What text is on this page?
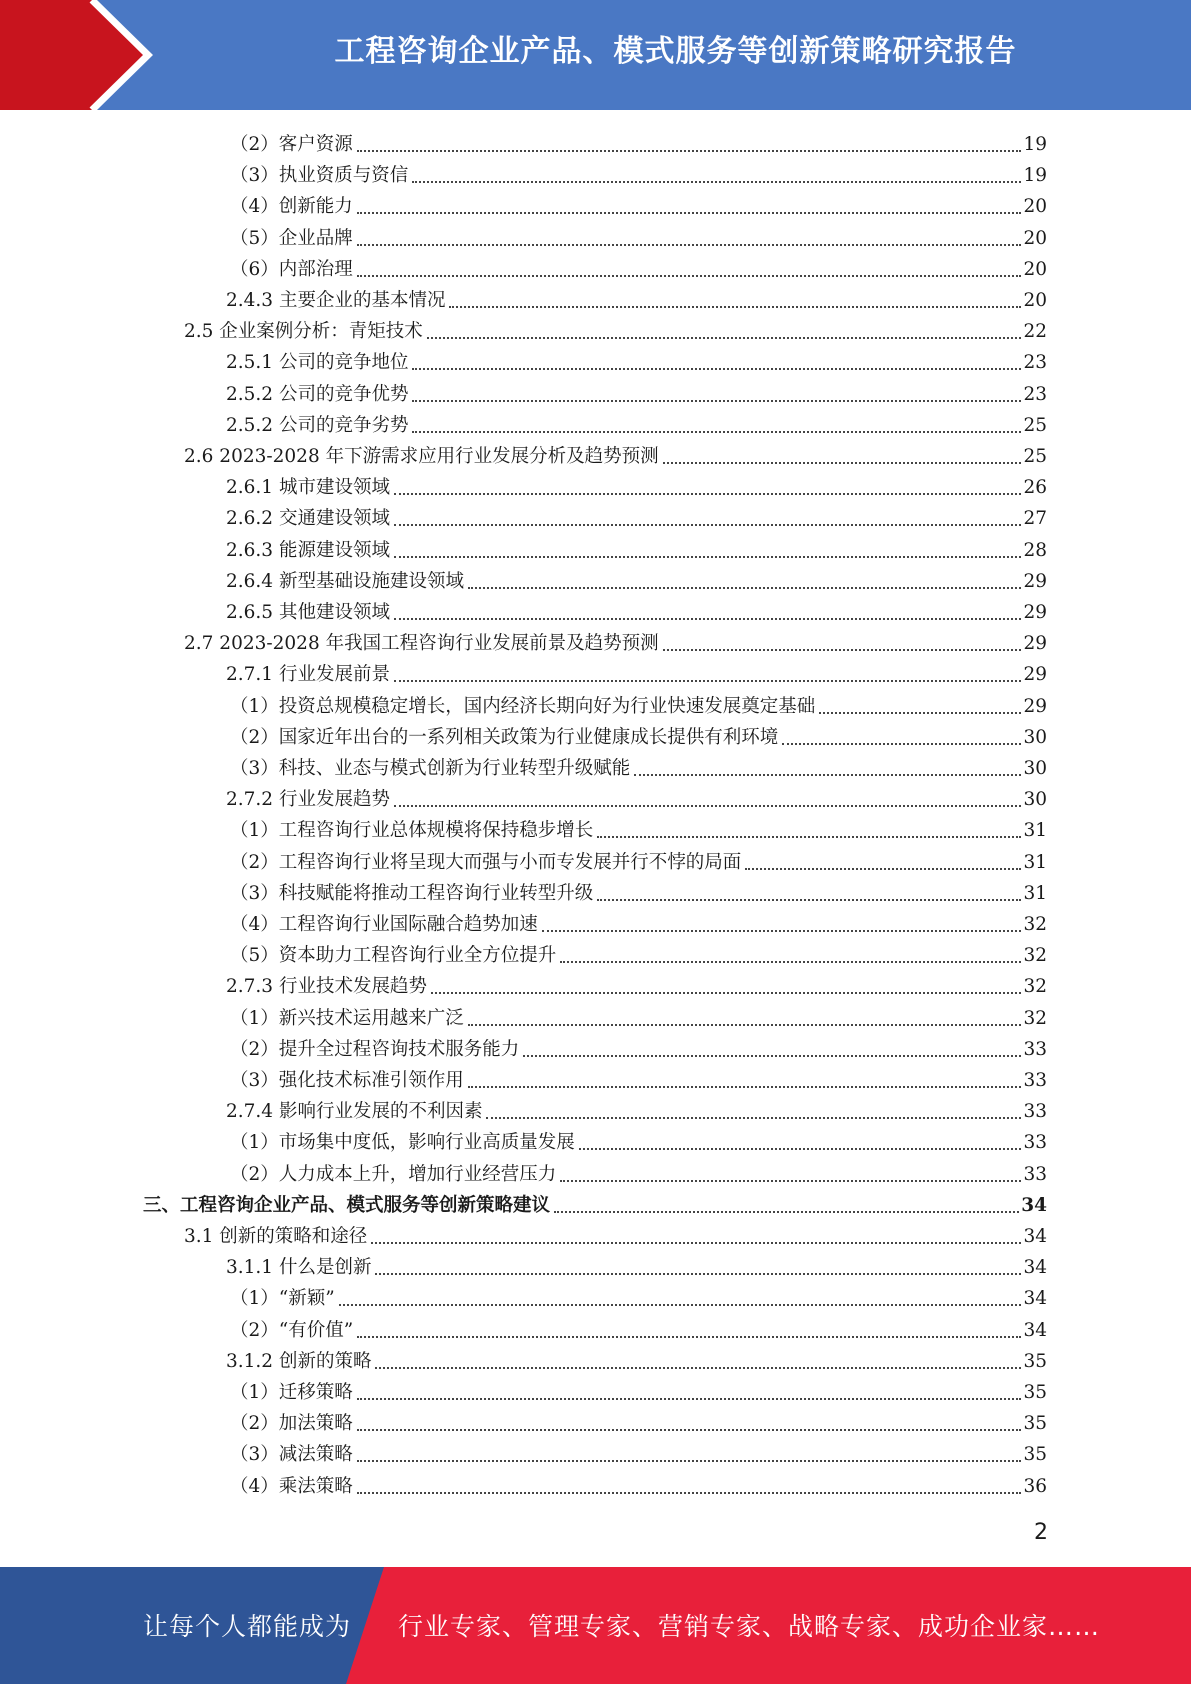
工程咨询企业产品、模式服务等创新策略研究报告
（2）客户资源	19
（3）执业资质与资信	19
（4）创新能力	20
（5）企业品牌	20
（6）内部治理	20
2.4.3 主要企业的基本情况	20
2.5 企业案例分析：青矩技术	22
2.5.1 公司的竞争地位	23
2.5.2 公司的竞争优势	23
2.5.2 公司的竞争劣势	25
2.6 2023-2028 年下游需求应用行业发展分析及趋势预测	25
2.6.1 城市建设领域	26
2.6.2 交通建设领域	27
2.6.3 能源建设领域	28
2.6.4 新型基础设施建设领域	29
2.6.5 其他建设领域	29
2.7 2023-2028 年我国工程咨询行业发展前景及趋势预测	29
2.7.1 行业发展前景	29
（1）投资总规模稳定增长，国内经济长期向好为行业快速发展奠定基础	29
（2）国家近年出台的一系列相关政策为行业健康成长提供有利环境	30
（3）科技、业态与模式创新为行业转型升级赋能	30
2.7.2 行业发展趋势	30
（1）工程咨询行业总体规模将保持稳步增长	31
（2）工程咨询行业将呈现大而强与小而专发展并行不悖的局面	31
（3）科技赋能将推动工程咨询行业转型升级	31
（4）工程咨询行业国际融合趋势加速	32
（5）资本助力工程咨询行业全方位提升	32
2.7.3 行业技术发展趋势	32
（1）新兴技术运用越来广泛	32
（2）提升全过程咨询技术服务能力	33
（3）强化技术标准引领作用	33
2.7.4 影响行业发展的不利因素	33
（1）市场集中度低，影响行业高质量发展	33
（2）人力成本上升，增加行业经营压力	33
三、工程咨询企业产品、模式服务等创新策略建议	34
3.1 创新的策略和途径	34
3.1.1 什么是创新	34
（1）“新颖”	34
（2）“有价值”	34
3.1.2 创新的策略	35
（1）迁移策略	35
（2）加法策略	35
（3）减法策略	35
（4）乘法策略	36
2
让每个人都能成为 行业专家、管理专家、营销专家、战略专家、成功企业家……
